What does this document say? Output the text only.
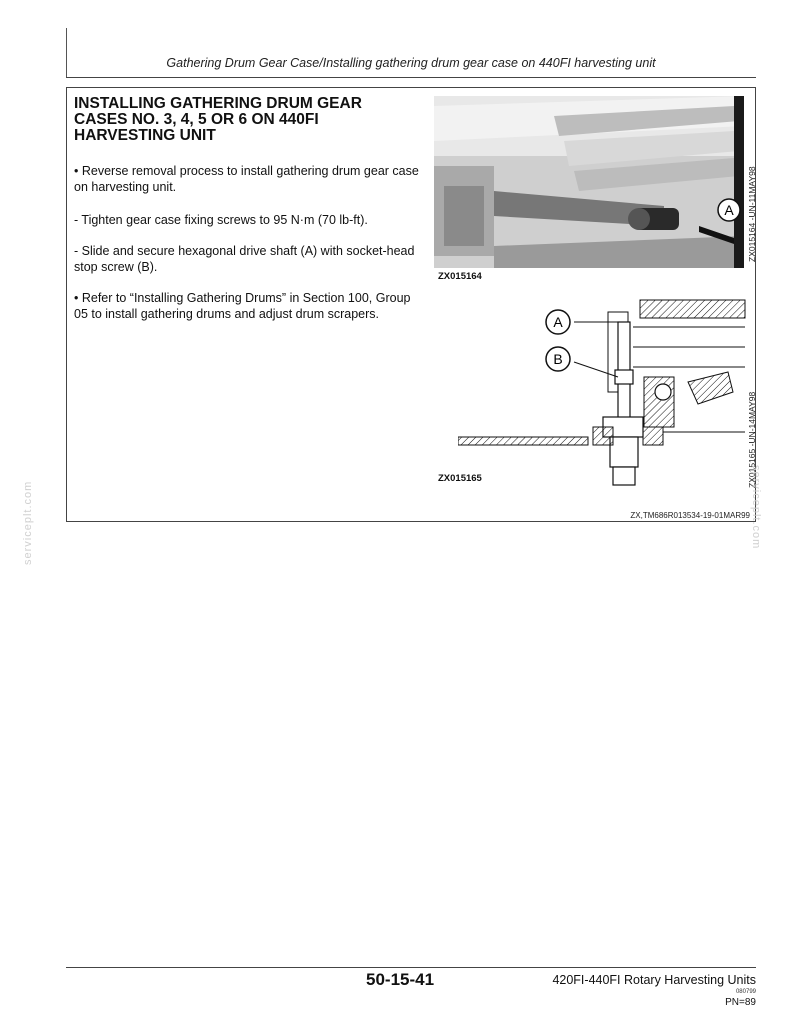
Gathering Drum Gear Case/Installing gathering drum gear case on 440FI harvesting unit
INSTALLING GATHERING DRUM GEAR CASES NO. 3, 4, 5 OR 6 ON 440FI HARVESTING UNIT

• Reverse removal process to install gathering drum gear case on harvesting unit.

- Tighten gear case fixing screws to 95 N·m (70 lb-ft).

- Slide and secure hexagonal drive shaft (A) with socket-head stop screw (B).

• Refer to “Installing Gathering Drums” in Section 100, Group 05 to install gathering drums and adjust drum scrapers.

A
ZX015164
ZX015164 -UN-11MAY98
A
B
ZX015165	ZX015165 -UN-14MAY98
ZX,TM686R013534-19-01MAR99
serviceplt.com	serviceplt.com
50-15-41	420FI-440FI Rotary Harvesting Units
080799
PN=89
